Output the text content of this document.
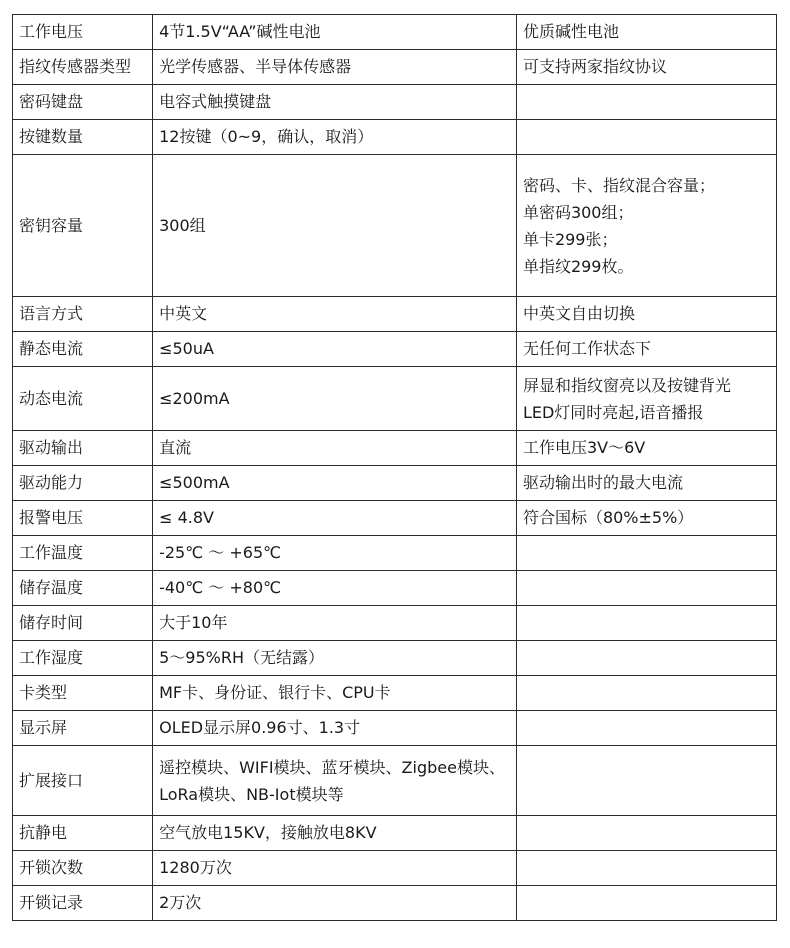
工作电压	4节1.5V“AA”碱性电池	优质碱性电池
指纹传感器类型	光学传感器、半导体传感器	可支持两家指纹协议
密码键盘	电容式触摸键盘	
按键数量	12按键（0~9，确认，取消）	
密钥容量	300组	密码、卡、指纹混合容量；
单密码300组；
单卡299张；
单指纹299枚。
语言方式	中英文	中英文自由切换
静态电流	≤50uA	无任何工作状态下
动态电流	≤200mA	屏显和指纹窗亮以及按键背光
LED灯同时亮起,语音播报
驱动输出	直流	工作电压3V～6V
驱动能力	≤500mA	驱动输出时的最大电流
报警电压	≤ 4.8V	符合国标（80%±5%）
工作温度	-25℃ ～ +65℃	
储存温度	-40℃ ～ +80℃	
储存时间	大于10年	
工作湿度	5～95%RH（无结露）	
卡类型	MF卡、身份证、银行卡、CPU卡	
显示屏	OLED显示屏0.96寸、1.3寸	
扩展接口	遥控模块、WIFI模块、蓝牙模块、Zigbee模块、
LoRa模块、NB-Iot模块等	
抗静电	空气放电15KV，接触放电8KV	
开锁次数	1280万次	
开锁记录	2万次	
